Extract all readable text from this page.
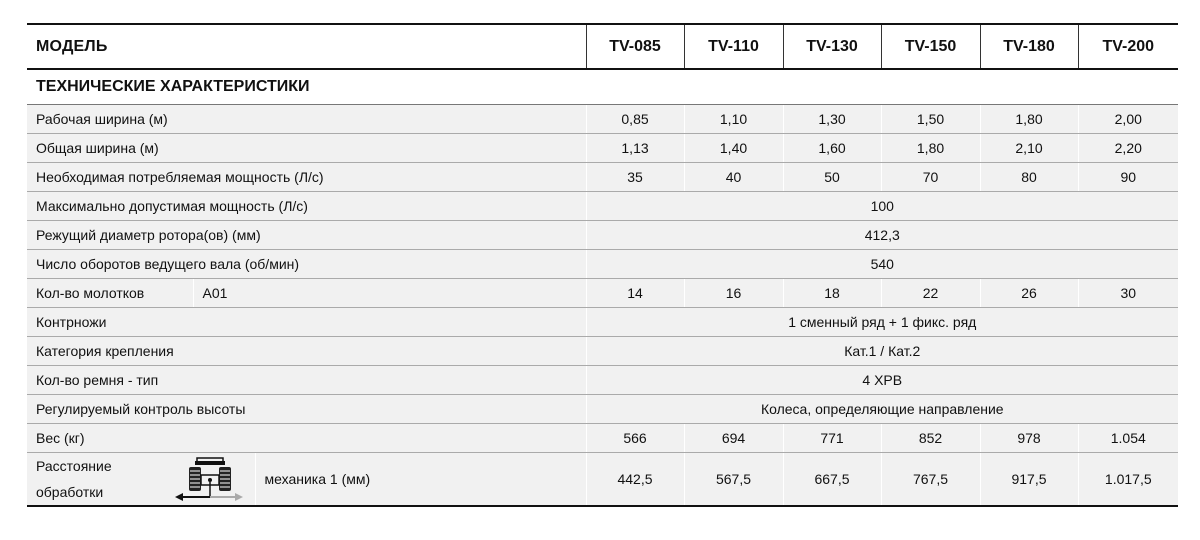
МОДЕЛЬ			TV-085	TV-110	TV-130	TV-150	TV-180	TV-200
ТЕХНИЧЕСКИЕ ХАРАКТЕРИСТИКИ								
Рабочая ширина (м)			0,85	1,10	1,30	1,50	1,80	2,00
Общая ширина (м)			1,13	1,40	1,60	1,80	2,10	2,20
Необходимая потребляемая мощность (Л/с)			35	40	50	70	80	90
Максимально допустимая мощность (Л/с)			100					
Режущий диаметр ротора(ов) (мм)			412,3					
Число оборотов ведущего вала (об/мин)			540					
Кол-во молотков	A01		14	16	18	22	26	30
Контрножи			1 сменный ряд + 1 фикс. ряд					
Категория крепления			Кат.1 / Кат.2					
Кол-во ремня - тип			4 XPB					
Регулируемый контроль высоты			Колеса, определяющие направление					
Вес (кг)			566	694	771	852	978	1.054

Расстояние
обработки		механика 1 (мм)	442,5	567,5	667,5	767,5	917,5	1.017,5
